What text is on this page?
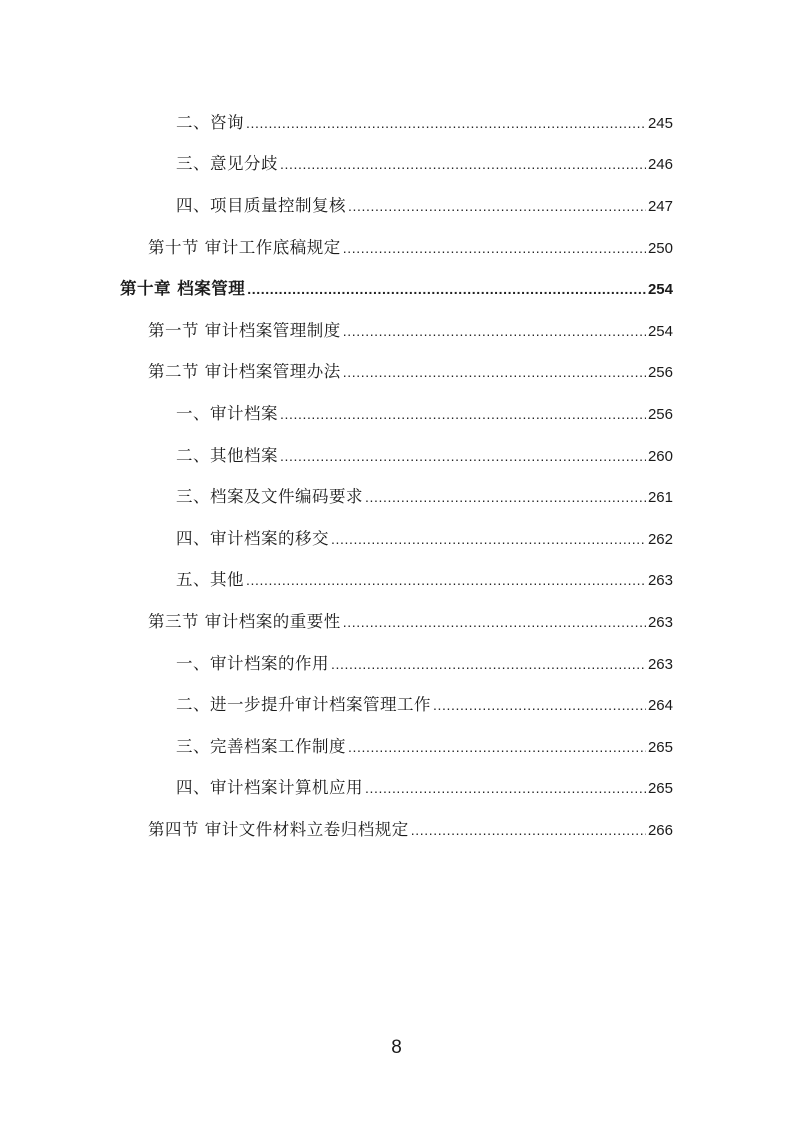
二、咨询 .....	245
三、意见分歧 .....	246
四、项目质量控制复核 .....	247
第十节 审计工作底稿规定 .....	250
第十章 档案管理 .....	254
第一节 审计档案管理制度 .....	254
第二节 审计档案管理办法 .....	256
一、审计档案 .....	256
二、其他档案 .....	260
三、档案及文件编码要求 .....	261
四、审计档案的移交 .....	262
五、其他 .....	263
第三节 审计档案的重要性 .....	263
一、审计档案的作用 .....	263
二、进一步提升审计档案管理工作 .....	264
三、完善档案工作制度 .....	265
四、审计档案计算机应用 .....	265
第四节 审计文件材料立卷归档规定 .....	266
8
